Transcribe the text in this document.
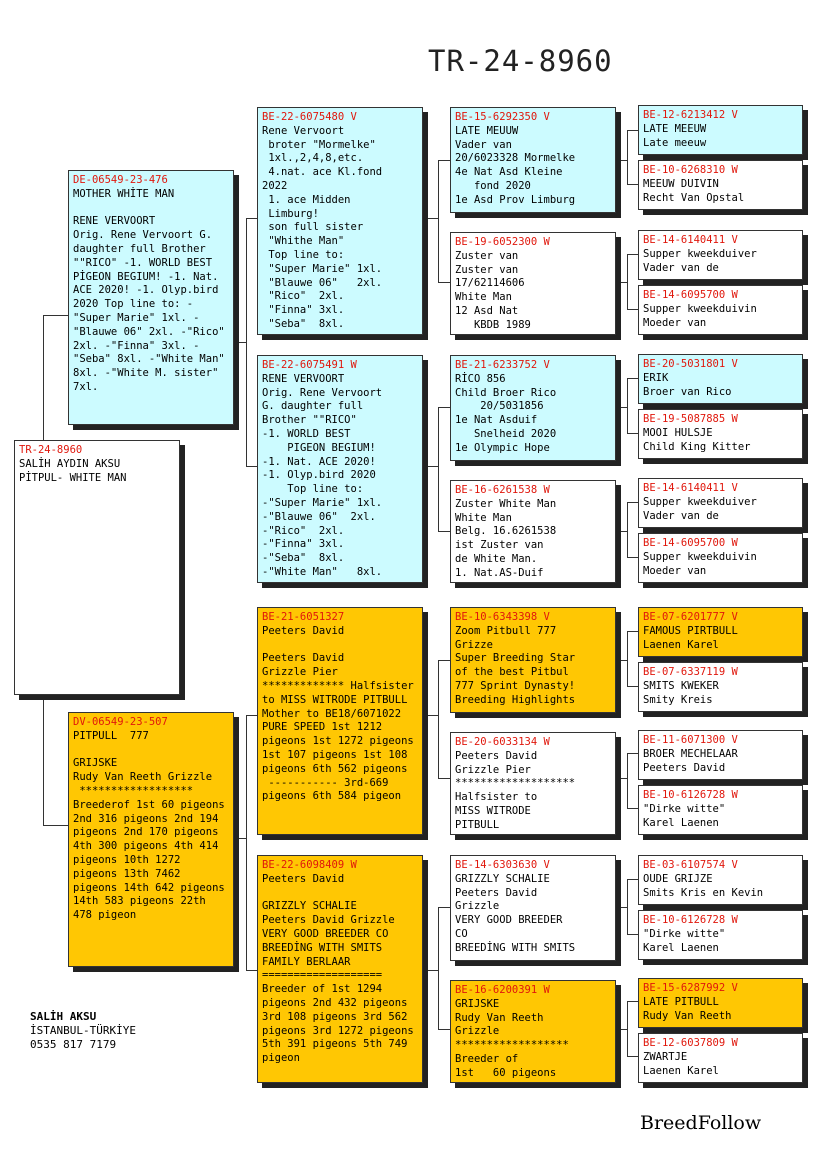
TR-24-8960
TR-24-8960
SALİH AYDIN AKSU
PİTPUL- WHITE MAN
DE-06549-23-476
MOTHER WHİTE MAN

RENE VERVOORT
Orig. Rene Vervoort G. daughter full Brother ""RICO" -1. WORLD BEST PİGEON BEGIUM! -1. Nat. ACE 2020! -1. Olyp.bird 2020 Top line to: -"Super Marie" 1xl. -"Blauwe 06" 2xl. -"Rico" 2xl. -"Finna" 3xl. -"Seba" 8xl. -"White Man" 8xl. -"White M. sister" 7xl.
DV-06549-23-507
PITPULL  777

GRIJSKE
Rudy Van Reeth Grizzle
******************
Breederof 1st 60 pigeons 2nd 316 pigeons 2nd 194 pigeons 2nd 170 pigeons 4th 300 pigeons 4th 414 pigeons 10th 1272 pigeons 13th 7462 pigeons 14th 642 pigeons 14th 583 pigeons 22th 478 pigeon
BE-22-6075480 V
Rene Vervoort
broter "Mormelke"
1xl.,2,4,8,etc.
4.nat. ace Kl.fond
2022
1. ace Midden
Limburg!
son full sister
"Whithe Man"
Top line to:
"Super Marie" 1xl.
"Blauwe 06"   2xl.
"Rico"  2xl.
"Finna" 3xl.
"Seba"  8xl.
BE-22-6075491 W
RENE VERVOORT
Orig. Rene Vervoort
G. daughter full
Brother ""RICO"
-1. WORLD BEST
PIGEON BEGIUM!
-1. Nat. ACE 2020!
-1. Olyp.bird 2020
Top line to:
-"Super Marie" 1xl.
-"Blauwe 06"  2xl.
-"Rico"  2xl.
-"Finna" 3xl.
-"Seba"  8xl.
-"White Man"   8xl.
BE-21-6051327
Peeters David

Peeters David
Grizzle Pier
************* Halfsister to MISS WITRODE PITBULL Mother to BE18/6071022 PURE SPEED 1st 1212 pigeons 1st 1272 pigeons 1st 107 pigeons 1st 108 pigeons 6th 562 pigeons
----------- 3rd-669 pigeons 6th 584 pigeon
BE-22-6098409 W
Peeters David

GRIZZLY SCHALIE
Peeters David Grizzle VERY GOOD BREEDER CO BREEDİNG WITH SMITS FAMILY BERLAAR =================== Breeder of 1st 1294 pigeons 2nd 432 pigeons 3rd 108 pigeons 3rd 562 pigeons 3rd 1272 pigeons 5th 391 pigeons 5th 749 pigeon
BE-15-6292350 V
LATE MEUUW
Vader van
20/6023328 Mormelke
4e Nat Asd Kleine
fond 2020
1e Asd Prov Limburg
BE-19-6052300 W
Zuster van
Zuster van
17/62114606
White Man
12 Asd Nat
KBDB 1989
BE-21-6233752 V
RİCO 856
Child Broer Rico
20/5031856
1e Nat Asduif
Snelheid 2020
1e Olympic Hope
BE-16-6261538 W
Zuster White Man
White Man
Belg. 16.6261538
ist Zuster van
de White Man.
1. Nat.AS-Duif
BE-10-6343398 V
Zoom Pitbull 777
Grizze
Super Breeding Star
of the best Pitbul
777 Sprint Dynasty!
Breeding Highlights
BE-20-6033134 W
Peeters David
Grizzle Pier
*******************
Halfsister to
MISS WITRODE
PITBULL
BE-14-6303630 V
GRIZZLY SCHALIE
Peeters David
Grizzle
VERY GOOD BREEDER
CO
BREEDİNG WITH SMITS
BE-16-6200391 W
GRIJSKE
Rudy Van Reeth
Grizzle
******************
Breeder of
1st   60 pigeons
BE-12-6213412 V
LATE MEEUW
Late meeuw
BE-10-6268310 W
MEEUW DUIVIN
Recht Van Opstal
BE-14-6140411 V
Supper kweekduiver
Vader van de
BE-14-6095700 W
Supper kweekduivin
Moeder van
BE-20-5031801 V
ERIK
Broer van Rico
BE-19-5087885 W
MOOI HULSJE
Child King Kitter
BE-14-6140411 V
Supper kweekduiver
Vader van de
BE-14-6095700 W
Supper kweekduivin
Moeder van
BE-07-6201777 V
FAMOUS PIRTBULL
Laenen Karel
BE-07-6337119 W
SMITS KWEKER
Smity Kreis
BE-11-6071300 V
BROER MECHELAAR
Peeters David
BE-10-6126728 W
"Dirke witte"
Karel Laenen
BE-03-6107574 V
OUDE GRIJZE
Smits Kris en Kevin
BE-10-6126728 W
"Dirke witte"
Karel Laenen
BE-15-6287992 V
LATE PITBULL
Rudy Van Reeth
BE-12-6037809 W
ZWARTJE
Laenen Karel
SALİH AKSU
İSTANBUL-TÜRKİYE
0535 817 7179
BreedFollow
